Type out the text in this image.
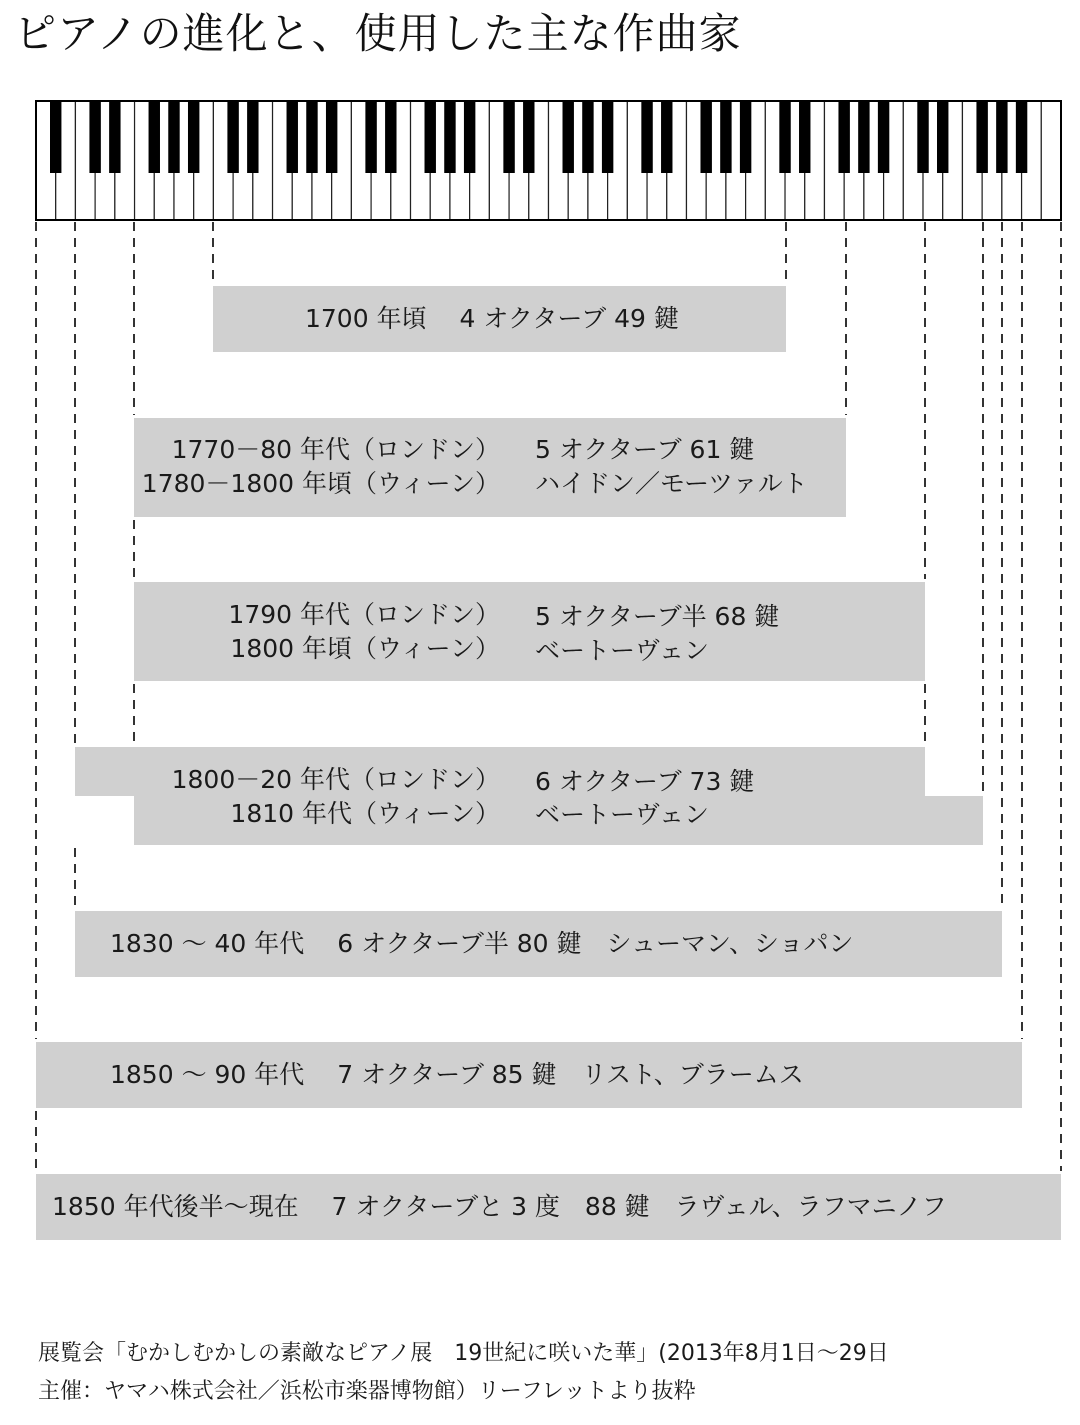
ピアノの進化と、使用した主な作曲家
1700 年頃　 4 オクターブ 49 鍵
1770－80 年代（ロンドン）
1780－1800 年頃（ウィーン）
5 オクターブ 61 鍵
ハイドン／モーツァルト
1790 年代（ロンドン）
1800 年頃（ウィーン）
5 オクターブ半 68 鍵
ベートーヴェン
1800－20 年代（ロンドン）
1810 年代（ウィーン）
6 オクターブ 73 鍵
ベートーヴェン
1830 ～ 40 年代　 6 オクターブ半 80 鍵　シューマン、ショパン
1850 ～ 90 年代　 7 オクターブ 85 鍵　リスト、ブラームス
1850 年代後半～現在　 7 オクターブと 3 度　88 鍵　ラヴェル、ラフマニノフ
展覧会「むかしむかしの素敵なピアノ展　19世紀に咲いた華」(2013年8月1日～29日
主催：ヤマハ株式会社／浜松市楽器博物館）リーフレットより抜粋
